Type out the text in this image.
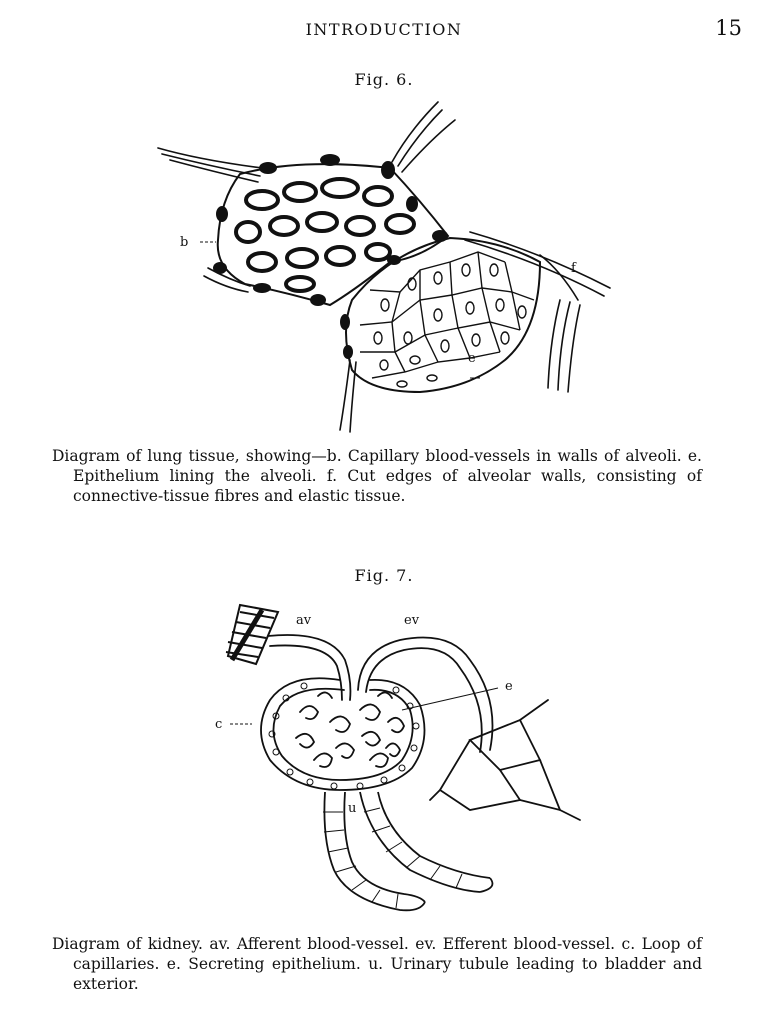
INTRODUCTION	15
Fig. 6.
b
e
f

Diagram of lung tissue, showing—b. Capillary blood-vessels in walls of alveoli. e. Epithelium lining the alveoli. f. Cut edges of alveolar walls, consisting of connective-tissue fibres and elastic tissue.

Fig. 7.
av	ev
e
c
u

Diagram of kidney. av. Afferent blood-vessel. ev. Efferent blood-vessel. c. Loop of capillaries. e. Secreting epithelium. u. Urinary tubule leading to bladder and exterior.
